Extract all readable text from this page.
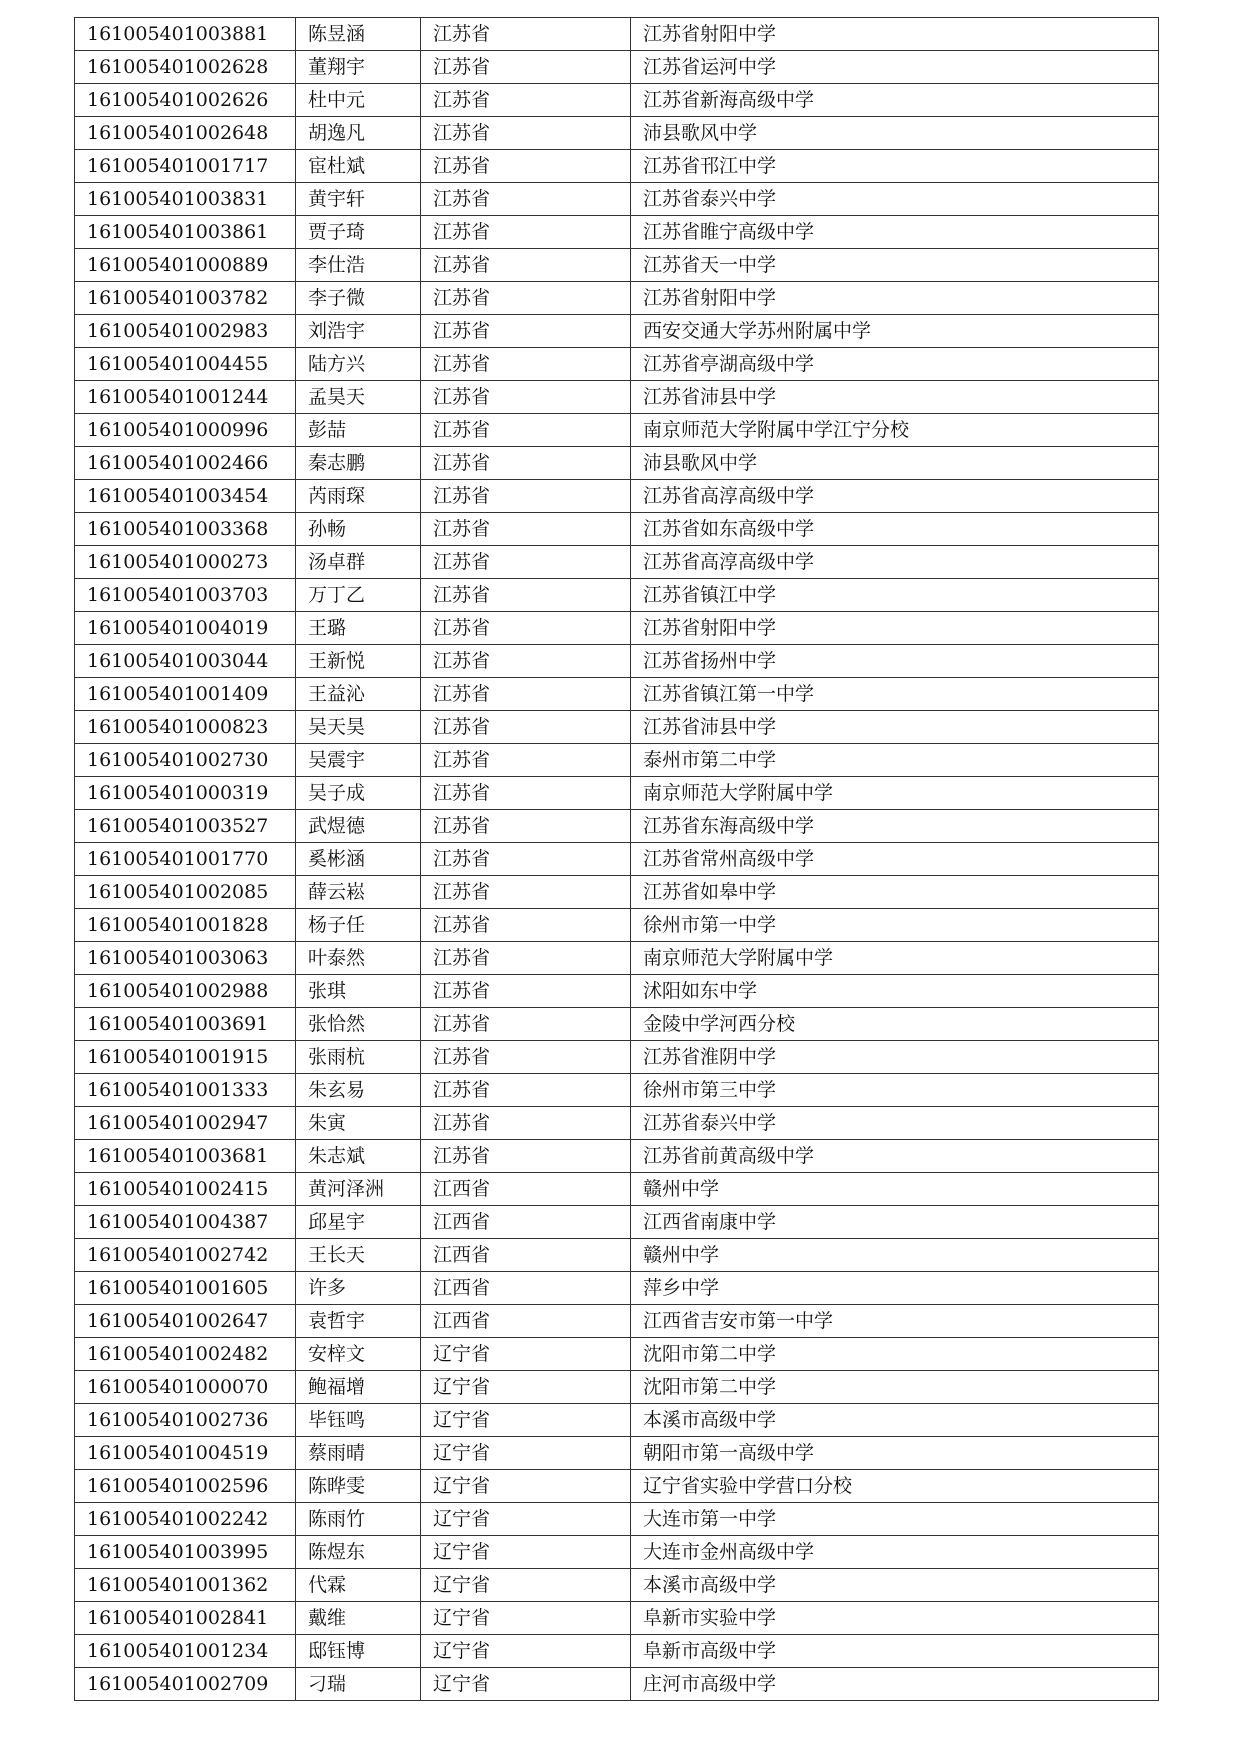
161005401003881	陈昱涵	江苏省	江苏省射阳中学
161005401002628	董翔宇	江苏省	江苏省运河中学
161005401002626	杜中元	江苏省	江苏省新海高级中学
161005401002648	胡逸凡	江苏省	沛县歌风中学
161005401001717	宦杜斌	江苏省	江苏省邗江中学
161005401003831	黄宇轩	江苏省	江苏省泰兴中学
161005401003861	贾子琦	江苏省	江苏省睢宁高级中学
161005401000889	李仕浩	江苏省	江苏省天一中学
161005401003782	李子微	江苏省	江苏省射阳中学
161005401002983	刘浩宇	江苏省	西安交通大学苏州附属中学
161005401004455	陆方兴	江苏省	江苏省亭湖高级中学
161005401001244	孟昊天	江苏省	江苏省沛县中学
161005401000996	彭喆	江苏省	南京师范大学附属中学江宁分校
161005401002466	秦志鹏	江苏省	沛县歌风中学
161005401003454	芮雨琛	江苏省	江苏省高淳高级中学
161005401003368	孙畅	江苏省	江苏省如东高级中学
161005401000273	汤卓群	江苏省	江苏省高淳高级中学
161005401003703	万丁乙	江苏省	江苏省镇江中学
161005401004019	王璐	江苏省	江苏省射阳中学
161005401003044	王新悦	江苏省	江苏省扬州中学
161005401001409	王益沁	江苏省	江苏省镇江第一中学
161005401000823	吴天昊	江苏省	江苏省沛县中学
161005401002730	吴震宇	江苏省	泰州市第二中学
161005401000319	吴子成	江苏省	南京师范大学附属中学
161005401003527	武煜德	江苏省	江苏省东海高级中学
161005401001770	奚彬涵	江苏省	江苏省常州高级中学
161005401002085	薛云崧	江苏省	江苏省如皋中学
161005401001828	杨子任	江苏省	徐州市第一中学
161005401003063	叶泰然	江苏省	南京师范大学附属中学
161005401002988	张琪	江苏省	沭阳如东中学
161005401003691	张恰然	江苏省	金陵中学河西分校
161005401001915	张雨杭	江苏省	江苏省淮阴中学
161005401001333	朱玄易	江苏省	徐州市第三中学
161005401002947	朱寅	江苏省	江苏省泰兴中学
161005401003681	朱志斌	江苏省	江苏省前黄高级中学
161005401002415	黄河泽洲	江西省	赣州中学
161005401004387	邱星宇	江西省	江西省南康中学
161005401002742	王长天	江西省	赣州中学
161005401001605	许多	江西省	萍乡中学
161005401002647	袁哲宇	江西省	江西省吉安市第一中学
161005401002482	安梓文	辽宁省	沈阳市第二中学
161005401000070	鲍福增	辽宁省	沈阳市第二中学
161005401002736	毕钰鸣	辽宁省	本溪市高级中学
161005401004519	蔡雨晴	辽宁省	朝阳市第一高级中学
161005401002596	陈晔雯	辽宁省	辽宁省实验中学营口分校
161005401002242	陈雨竹	辽宁省	大连市第一中学
161005401003995	陈煜东	辽宁省	大连市金州高级中学
161005401001362	代霖	辽宁省	本溪市高级中学
161005401002841	戴维	辽宁省	阜新市实验中学
161005401001234	邸钰博	辽宁省	阜新市高级中学
161005401002709	刁瑞	辽宁省	庄河市高级中学
